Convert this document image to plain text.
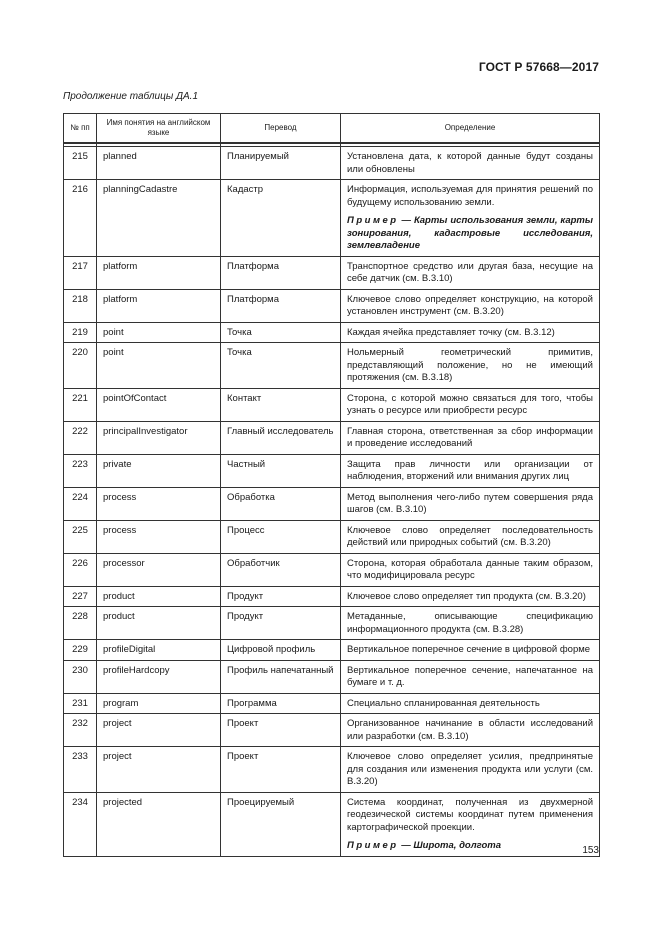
ГОСТ Р 57668—2017
Продолжение таблицы ДА.1
№ пп	Имя понятия на английском языке	Перевод	Определение

215	planned	Планируемый	Установлена дата, к которой данные будут созданы или обновлены
216	planningCadastre	Кадастр	Информация, используемая для принятия решений по будущему использованию земли.
Пример — Карты использования земли, карты зонирования, кадастровые исследования, землевладение

217	platform	Платформа	Транспортное средство или другая база, несущие на себе датчик (см. В.3.10)
218	platform	Платформа	Ключевое слово определяет конструкцию, на которой установлен инструмент (см. В.3.20)
219	point	Точка	Каждая ячейка представляет точку (см. В.3.12)
220	point	Точка	Нольмерный геометрический примитив, представляющий положение, но не имеющий протяжения (см. В.3.18)
221	pointOfContact	Контакт	Сторона, с которой можно связаться для того, чтобы узнать о ресурсе или приобрести ресурс
222	principalInvestigator	Главный исследователь	Главная сторона, ответственная за сбор информации и проведение исследований
223	private	Частный	Защита прав личности или организации от наблюдения, вторжений или внимания других лиц
224	process	Обработка	Метод выполнения чего-либо путем совершения ряда шагов (см. В.3.10)
225	process	Процесс	Ключевое слово определяет последовательность действий или природных событий (см. В.3.20)
226	processor	Обработчик	Сторона, которая обработала данные таким образом, что модифицировала ресурс
227	product	Продукт	Ключевое слово определяет тип продукта (см. В.3.20)
228	product	Продукт	Метаданные, описывающие спецификацию информационного продукта (см. В.3.28)
229	profileDigital	Цифровой профиль	Вертикальное поперечное сечение в цифровой форме
230	profileHardcopy	Профиль напечатанный	Вертикальное поперечное сечение, напечатанное на бумаге и т. д.
231	program	Программа	Специально спланированная деятельность
232	project	Проект	Организованное начинание в области исследований или разработки (см. В.3.10)
233	project	Проект	Ключевое слово определяет усилия, предпринятые для создания или изменения продукта или услуги (см. В.3.20)
234	projected	Проецируемый	Система координат, полученная из двухмерной геодезической системы координат путем применения картографической проекции.
Пример — Широта, долгота	153
